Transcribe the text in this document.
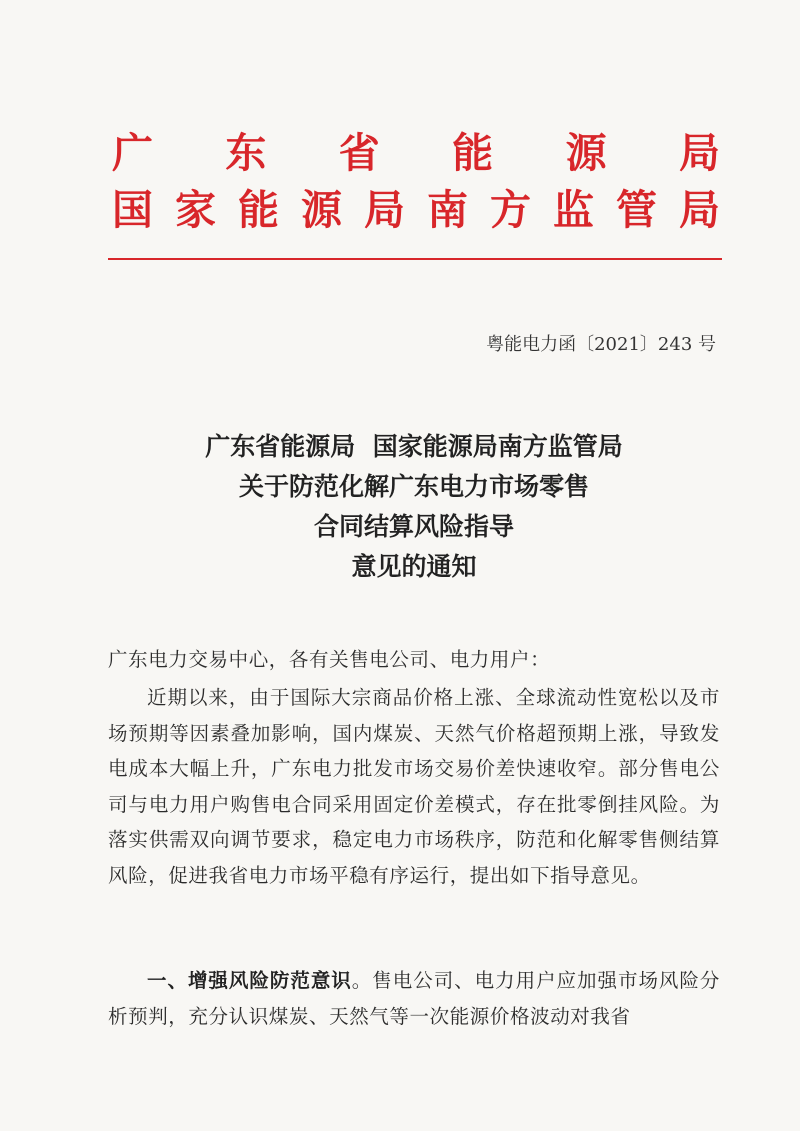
广 东 省 能 源 局
国 家 能 源 局 南 方 监 管 局
粤能电力函〔2021〕243 号
广东省能源局  国家能源局南方监管局
关于防范化解广东电力市场零售
合同结算风险指导
意见的通知
广东电力交易中心，各有关售电公司、电力用户：
近期以来，由于国际大宗商品价格上涨、全球流动性宽松以及市场预期等因素叠加影响，国内煤炭、天然气价格超预期上涨，导致发电成本大幅上升，广东电力批发市场交易价差快速收窄。部分售电公司与电力用户购售电合同采用固定价差模式，存在批零倒挂风险。为落实供需双向调节要求，稳定电力市场秩序，防范和化解零售侧结算风险，促进我省电力市场平稳有序运行，提出如下指导意见。
一、增强风险防范意识。售电公司、电力用户应加强市场风险分析预判，充分认识煤炭、天然气等一次能源价格波动对我省
